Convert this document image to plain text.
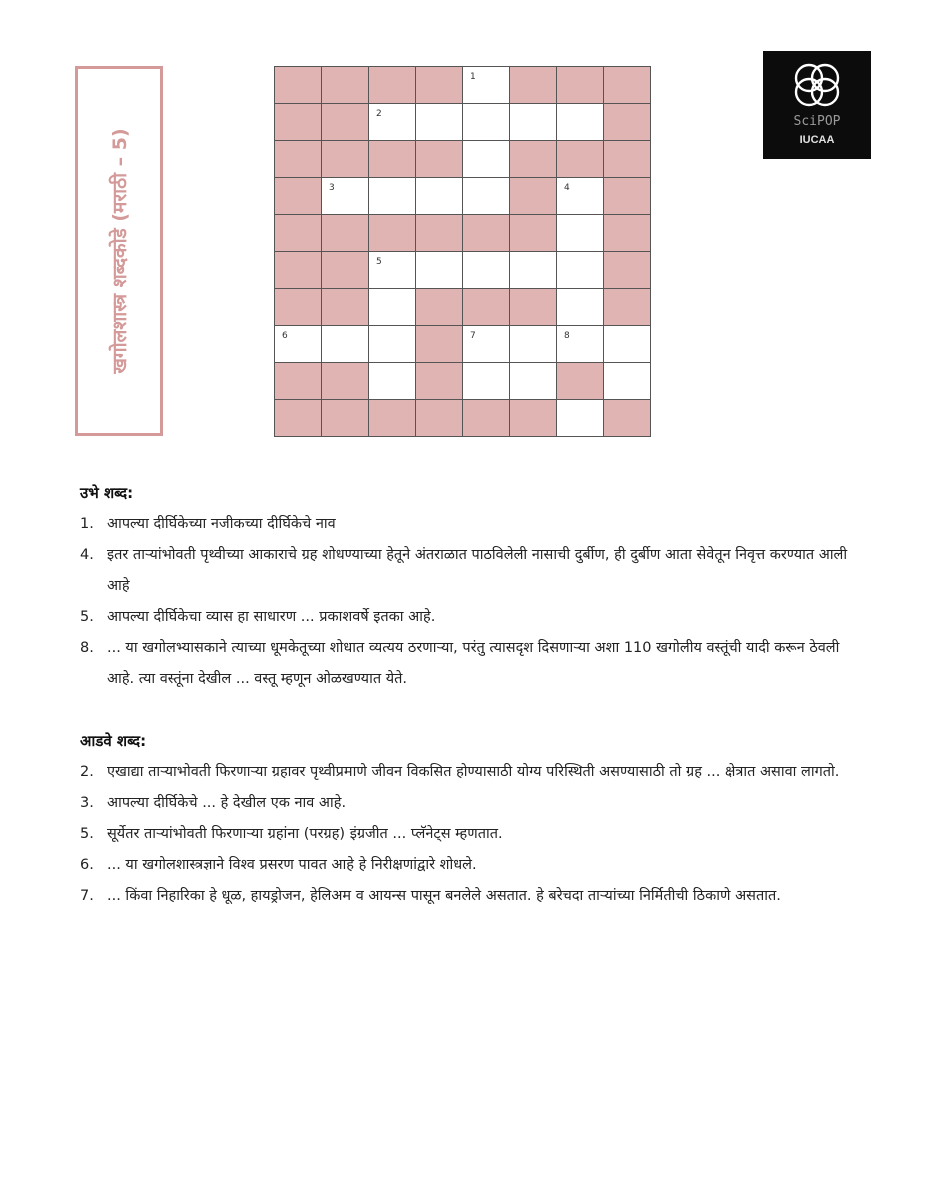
खगोलशास्त्र शब्दकोडे (मराठी – 5)
1
2
3	4
5
6	7	8
SciPOP
IUCAA
उभे शब्द:
1. आपल्या दीर्घिकेच्या नजीकच्या दीर्घिकेचे नाव
4. इतर ताऱ्यांभोवती पृथ्वीच्या आकाराचे ग्रह शोधण्याच्या हेतूने अंतराळात पाठविलेली नासाची दुर्बीण, ही दुर्बीण आता सेवेतून निवृत्त करण्यात आली आहे
5. आपल्या दीर्घिकेचा व्यास हा साधारण ... प्रकाशवर्षे इतका आहे.
8. ... या खगोलभ्यासकाने त्याच्या धूमकेतूच्या शोधात व्यत्यय ठरणाऱ्या, परंतु त्यासदृश दिसणाऱ्या अशा 110 खगोलीय वस्तूंची यादी करून ठेवली आहे. त्या वस्तूंना देखील ... वस्तू म्हणून ओळखण्यात येते.
आडवे शब्द:
2. एखाद्या ताऱ्याभोवती फिरणाऱ्या ग्रहावर पृथ्वीप्रमाणे जीवन विकसित होण्यासाठी योग्य परिस्थिती असण्यासाठी तो ग्रह ... क्षेत्रात असावा लागतो.
3. आपल्या दीर्घिकेचे ... हे देखील एक नाव आहे.
5. सूर्येतर ताऱ्यांभोवती फिरणाऱ्या ग्रहांना (परग्रह) इंग्रजीत ... प्लॅनेट्स म्हणतात.
6. ... या खगोलशास्त्रज्ञाने विश्व प्रसरण पावत आहे हे निरीक्षणांद्वारे शोधले.
7. ... किंवा निहारिका हे धूळ, हायड्रोजन, हेलिअम व आयन्स पासून बनलेले असतात. हे बरेचदा ताऱ्यांच्या निर्मितीची ठिकाणे असतात.
